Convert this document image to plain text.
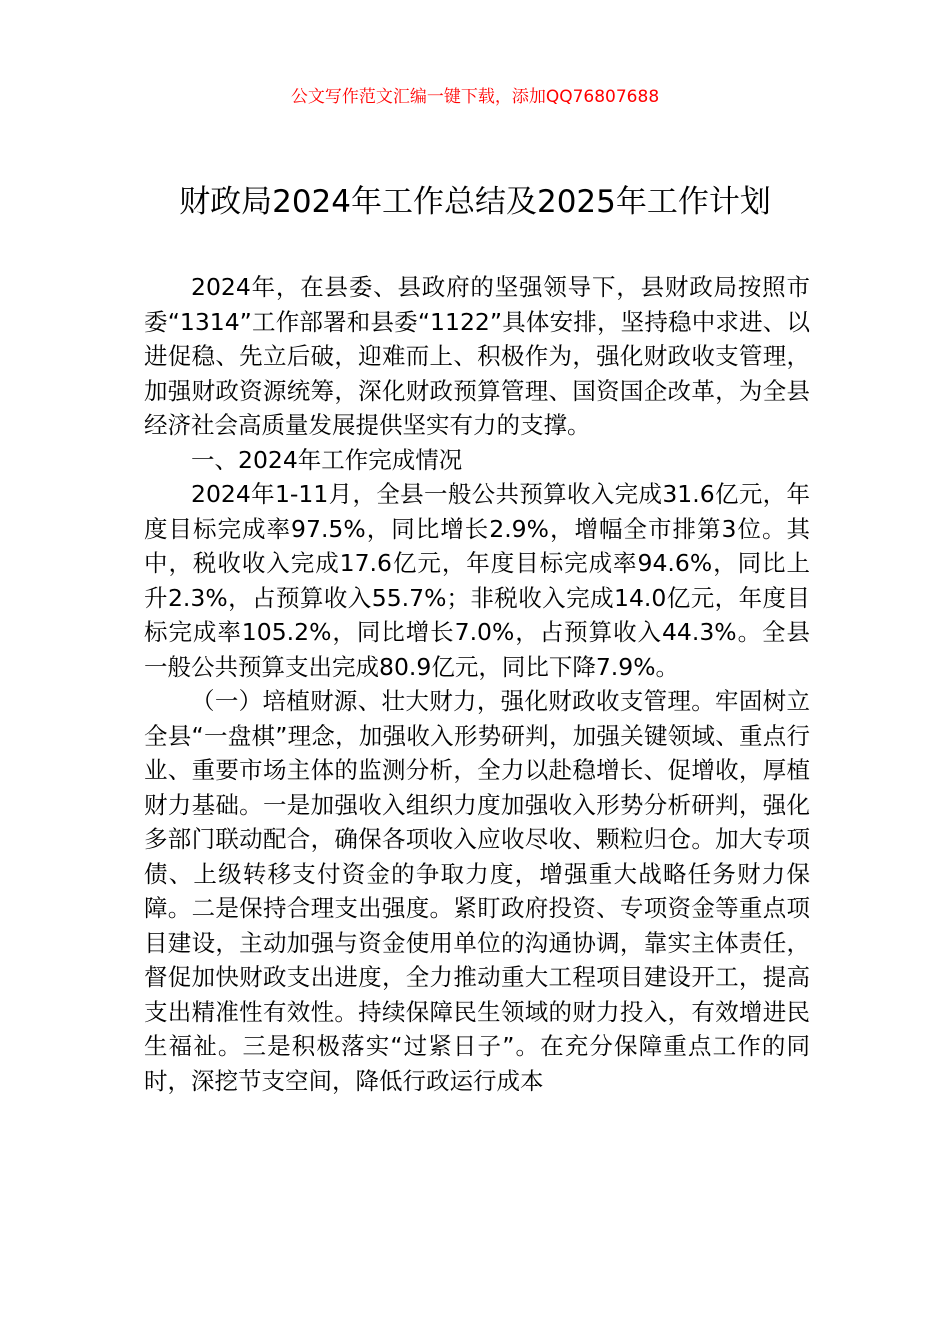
公文写作范文汇编一键下载，添加QQ76807688
财政局2024年工作总结及2025年工作计划

2024年，在县委、县政府的坚强领导下，县财政局按照市委“1314”工作部署和县委“1122”具体安排，坚持稳中求进、以进促稳、先立后破，迎难而上、积极作为，强化财政收支管理，加强财政资源统筹，深化财政预算管理、国资国企改革，为全县经济社会高质量发展提供坚实有力的支撑。

一、2024年工作完成情况

2024年1-11月，全县一般公共预算收入完成31.6亿元，年度目标完成率97.5%，同比增长2.9%，增幅全市排第3位。其中，税收收入完成17.6亿元，年度目标完成率94.6%，同比上升2.3%，占预算收入55.7%；非税收入完成14.0亿元，年度目标完成率105.2%，同比增长7.0%，占预算收入44.3%。全县一般公共预算支出完成80.9亿元，同比下降7.9%。

（一）培植财源、壮大财力，强化财政收支管理。牢固树立全县“一盘棋”理念，加强收入形势研判，加强关键领域、重点行业、重要市场主体的监测分析，全力以赴稳增长、促增收，厚植财力基础。一是加强收入组织力度加强收入形势分析研判，强化多部门联动配合，确保各项收入应收尽收、颗粒归仓。加大专项债、上级转移支付资金的争取力度，增强重大战略任务财力保障。二是保持合理支出强度。紧盯政府投资、专项资金等重点项目建设，主动加强与资金使用单位的沟通协调，靠实主体责任，督促加快财政支出进度，全力推动重大工程项目建设开工，提高支出精准性有效性。持续保障民生领域的财力投入，有效增进民生福祉。三是积极落实“过紧日子”。在充分保障重点工作的同时，深挖节支空间，降低行政运行成本
